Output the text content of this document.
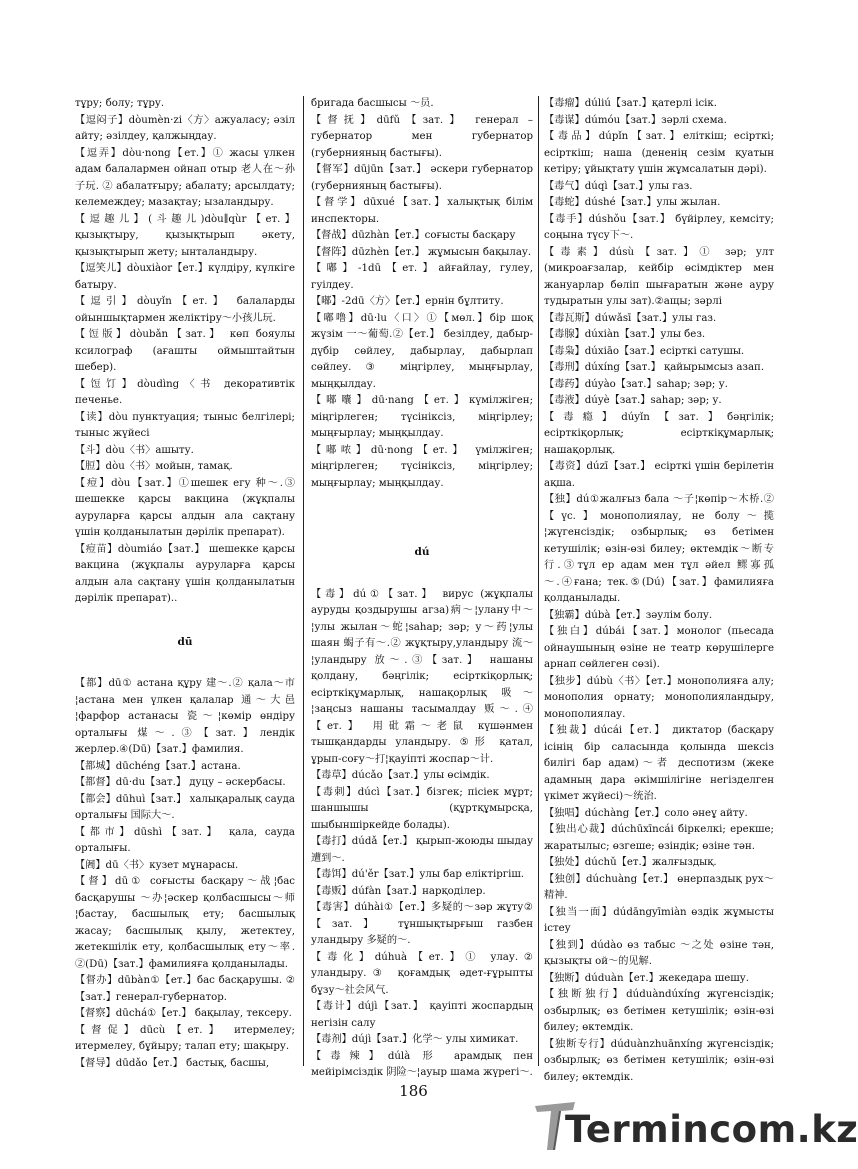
тұру; болу; тұру.

【逗闷子】dòumèn·zi〈方〉ажуаласу; әзіл айту; әзілдеу, қалжыңдау.

【逗弄】dòu·nong【ет.】① жасы үлкен адам балалармен ойнап отыр 老人在～孙子玩. ② абалатғыру; абалату; арсылдату; келемеждеу; мазақтау; ызаландыру.

【逗趣儿】(斗趣儿)dòu∥qùr【ет.】қызықтыру, қызықтырып әкету, қызықтырып жету; ынталандыру.

【逗笑儿】dòuxiàor【ет.】күлдіру, күлкіге батыру.

【逗引】dòuyǐn【ет.】 балаларды ойыншықтармен желіктіру～小孩儿玩.

【饾版】dòubǎn【зат.】 көп бояулы ксилограф (ағашты оймыштайтын шебер).

【饾饤】dòudìng〈书 декоративтік печенье.

【读】dòu пунктуация; тыныс белгілері; тыныс жүйесі

【斗】dòu〈书〉ашыту.

【脰】dòu〈书〉мойын, тамақ.

【痘】dòu【зат.】①шешек егу 种～.③ шешекке қарсы вакцина (жұқпалы ауруларға қарсы алдын ала сақтану үшін қолданылатын дәрілік препарат).

【痘苗】dòumiáo【зат.】 шешекке қарсы вакцина (жұқпалы ауруларға қарсы алдын ала сақтану үшін қолданылатын дәрілік препарат)..

dū

【都】dū① астана құру 建～.② қала～市¦астана мен үлкен қалалар 通～大邑¦фарфор астанасы 瓷～¦көмір өндіру орталығы 煤～.③【зат.】лендік жерлер.④(Dū)【зат.】фамилия.

【都城】dūchéng【зат.】астана.

【都督】dū·du【зат.】 дуцу – әскербасы.

【都会】dūhuì【зат.】 халықаралық сауда орталығы 国际大～.

【都市】dūshì【зат.】 қала, сауда орталығы.

【阇】dū〈书〉кузет мұнарасы.

【督】dū① соғысты басқару～战¦бас басқарушы ～办¦әскер қолбасшысы～师¦бастау, басшылық ету; басшылық жасау; басшылық қылу, жетектеу, жетекшілік ету, қолбасшылық ету～率. ②(Dū)【зат.】фамилияға қолданылады.

【督办】dūbàn①【ет.】бас басқарушы. ②【зат.】генерал-губернатор.

【督察】dūchá①【ет.】 бақылау, тексеру.

【督促】dūcù【ет.】 итермелеу; итермелеу, бұйыру; талап ету; шақыру.

【督导】dūdǎo【ет.】 бастық, басшы,

бригада басшысы ～员.

【督抚】dūfǔ【зат.】 генерал – губернатор мен губернатор (губернияның бастығы).

【督军】dūjūn【зат.】 әскери губернатор (губернияның бастығы).

【督学】dūxué【зат.】халықтық білім инспекторы.

【督战】dūzhàn【ет.】соғысты басқару

【督阵】dūzhèn【ет.】 жұмысын бақылау.

【嘟】-1dū【ет.】айғайлау, гулеу, гуілдеу.

【嘟】-2dū〈方〉【ет.】ернін бұлтиту.

【嘟噜】dū·lu〈口〉①【мөл.】бір шоқ жүзім 一～葡萄.②【ет.】 безілдеу, дабыр-дүбір сөйлеу, дабырлау, дабырлап сөйлеу. ③ міңгірлеу, мыңғырлау, мыңқылдау.

【嘟囔】dū·nang【ет.】күмілжіген; міңгірлеген; түсініксіз, міңгірлеу; мыңғырлау; мыңқылдау.

【嘟哝】dū·nong【ет.】 үмілжіген; міңгірлеген; түсініксіз, міңгірлеу; мыңғырлау; мыңқылдау.

dú

【毒】dú①【зат.】 вирус (жұқпалы ауруды қоздырушы агза)病～¦улану中～¦улы жылан～蛇¦sahap; зәр; у～药¦улы шаян 蝎子有～.② жұқтыру,уландыру 流～¦уландыру 放～.③【зат.】 нашаны қолдану, бәңгілік; есірткіқорлық; есірткіқұмарлық, нашақорлық 吸～¦заңсыз нашаны тасымалдау 贩～.④【ет.】 用砒霜～老鼠 күшәнмен тышқандарды уландыру. ⑤形 қатал, ұрып-соғу～打¦қауіпті жоспар～计.

【毒草】dúcǎo【зат.】улы өсімдік.

【毒刺】dúcì【зат.】бізгек; пісіек мұрт; шаншышы (құртқұмырсқа, шыбыншіркейде болады).

【毒打】dúdǎ【ет.】 қырып-жоюды шыдау 遭到～.

【毒饵】dú'ěr【зат.】улы бар еліктіргіш.

【毒贩】dúfàn【зат.】нарқоділер.

【毒害】dúhài①【ет.】多疑的～зәр жұту②【зат.】 тұншықтырғыш газбен уландыру 多疑的～.

【毒化】dúhuà【ет.】① улау.② уландыру.③ қоғамдық әдет-ғұрыпты бұзу～社会风气.

【毒计】dújì【зат.】 қауіпті жоспардың негізін салу

【毒剂】dújì【зат.】化学～ улы химикат.

【毒辣】dúlà 形 арамдық пен мейірімсіздік 阴险～¦ауыр шама жүрегі～.

【毒瘤】dúliú【зат.】қатерлі ісік.

【毒谋】dúmóu【зат.】зәрлі схема.

【毒品】dúpǐn【зат.】еліткіш; есірткі; есірткіш; наша (дененің сезім қуатын кетіру; ұйықтату үшін жұмсалатын дәрі).

【毒气】dúqì【зат.】улы газ.

【毒蛇】dúshé【зат.】улы жылан.

【毒手】dúshǒu【зат.】 бүйірлеу, кемсіту; соңына түсу下～.

【毒素】dúsù【зат.】① зәр; улт (микроағзалар, кейбір өсімдіктер мен жануарлар бөліп шығаратын және ауру тудыратын улы зат).②ащы; зәрлі

【毒瓦斯】dúwǎsī【зат.】улы газ.

【毒腺】dúxiàn【зат.】улы без.

【毒枭】dúxiāo【зат.】есірткі сатушы.

【毒刑】dúxíng【зат.】 қайырымсыз азап.

【毒药】dúyào【зат.】sahap; зәр; у.

【毒液】dúyè【зат.】sahap; зәр; у.

【毒瘾】dúyǐn【зат.】бәңгілік; есірткіқорлық; есірткіқұмарлық; нашақорлық.

【毒资】dúzī【зат.】 есірткі үшін берілетін ақша.

【独】dú①жалғыз бала ～子¦көпір～木桥.②【үс.】монополиялау, не болу～揽¦жүгенсіздік; озбырлық; өз бетімен кетушілік; өзін-өзі билеу; өктемдік～断专行.③тұл ер адам мен тұл әйел 鳏寡孤～.④ғана; тек.⑤(Dú)【зат.】фамилияға қолданылады.

【独霸】dúbà【ет.】зәулім болу.

【独白】dúbái【зат.】монолог (пьесада ойнаушының өзіне не театр көрушілерге арнап сөйлеген сөзі).

【独步】dúbù〈书〉【ет.】монополияға алу; монополия орнату; монополияландыру, монополиялау.

【独裁】dúcái【ет.】 диктатор (басқару ісінің бір саласында қолында шексіз билігі бар адам)～者 деспотизм (жеке адамның дара әкімшілігіне негізделген үкімет жүйесі)～统治.

【独唱】dúchàng【ет.】соло әнеұ айту.

【独出心裁】dúchūxīncái біркелкі; ерекше; жаратылыс; өзгеше; өзіндік; өзіне тән.

【独处】dúchǔ【ет.】жалғыздық.

【独创】dúchuàng【ет.】 өнерпаздық рух～精神.

【独当一面】dúdāngyīmiàn өздік жұмысты істеу

【独到】dúdào өз табыс ～之处 өзіне тән, қызықты ой～的见解.

【独断】dúduàn【ет.】жекедара шешу.

【独断独行】dúduàndúxíng жүгенсіздік; озбырлық; өз бетімен кетушілік; өзін-өзі билеу; өктемдік.

【独断专行】dúduànzhuānxíng жүгенсіздік; озбырлық; өз бетімен кетушілік; өзін-өзі билеу; өктемдік.

186
Termincom.kz
